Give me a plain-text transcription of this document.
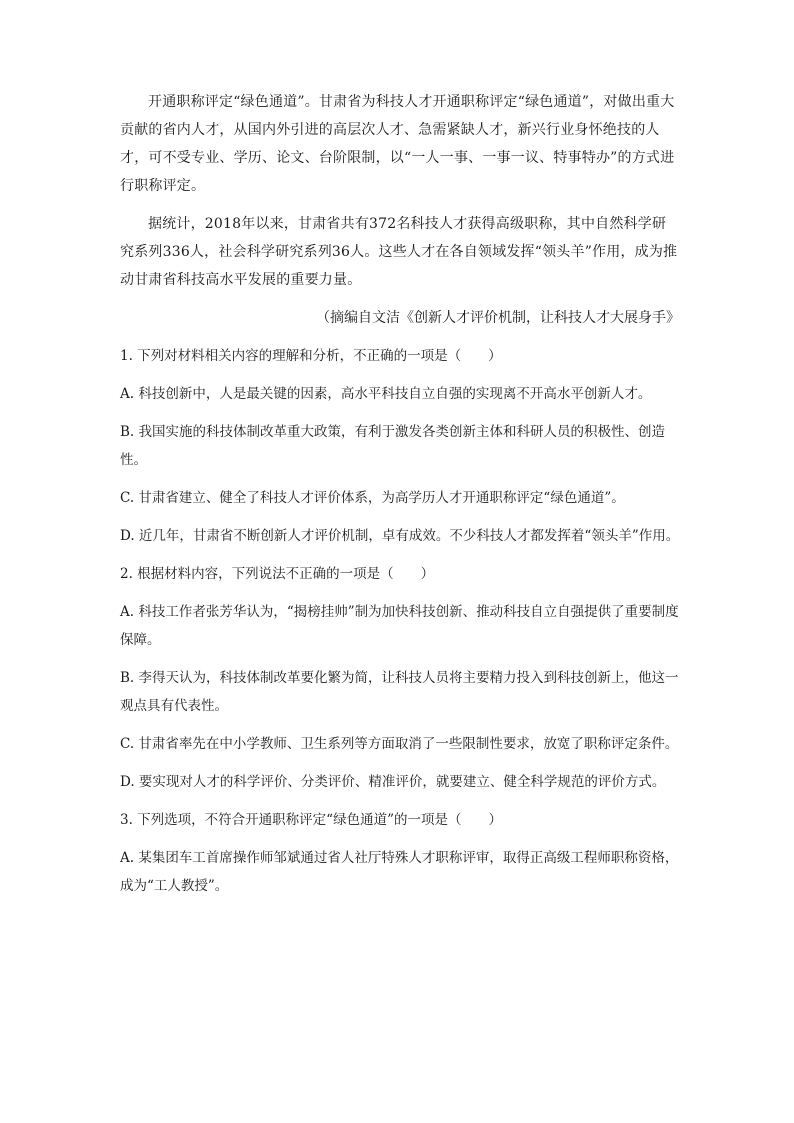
开通职称评定“绿色通道”。甘肃省为科技人才开通职称评定“绿色通道”，对做出重大贡献的省内人才，从国内外引进的高层次人才、急需紧缺人才，新兴行业身怀绝技的人才，可不受专业、学历、论文、台阶限制，以“一人一事、一事一议、特事特办”的方式进行职称评定。

据统计，2018年以来，甘肃省共有372名科技人才获得高级职称，其中自然科学研究系列336人，社会科学研究系列36人。这些人才在各自领域发挥“领头羊”作用，成为推动甘肃省科技高水平发展的重要力量。

（摘编自文洁《创新人才评价机制，让科技人才大展身手》

1. 下列对材料相关内容的理解和分析，不正确的一项是（　　）

A. 科技创新中，人是最关键的因素，高水平科技自立自强的实现离不开高水平创新人才。

B. 我国实施的科技体制改革重大政策，有利于激发各类创新主体和科研人员的积极性、创造性。

C. 甘肃省建立、健全了科技人才评价体系，为高学历人才开通职称评定“绿色通道”。

D. 近几年，甘肃省不断创新人才评价机制，卓有成效。不少科技人才都发挥着“领头羊”作用。

2. 根据材料内容，下列说法不正确的一项是（　　）

A. 科技工作者张芳华认为，“揭榜挂帅”制为加快科技创新、推动科技自立自强提供了重要制度保障。

B. 李得天认为，科技体制改革要化繁为简，让科技人员将主要精力投入到科技创新上，他这一观点具有代表性。

C. 甘肃省率先在中小学教师、卫生系列等方面取消了一些限制性要求，放宽了职称评定条件。

D. 要实现对人才的科学评价、分类评价、精准评价，就要建立、健全科学规范的评价方式。

3. 下列选项，不符合开通职称评定“绿色通道”的一项是（　　）

A. 某集团车工首席操作师邹斌通过省人社厅特殊人才职称评审，取得正高级工程师职称资格，成为“工人教授”。
